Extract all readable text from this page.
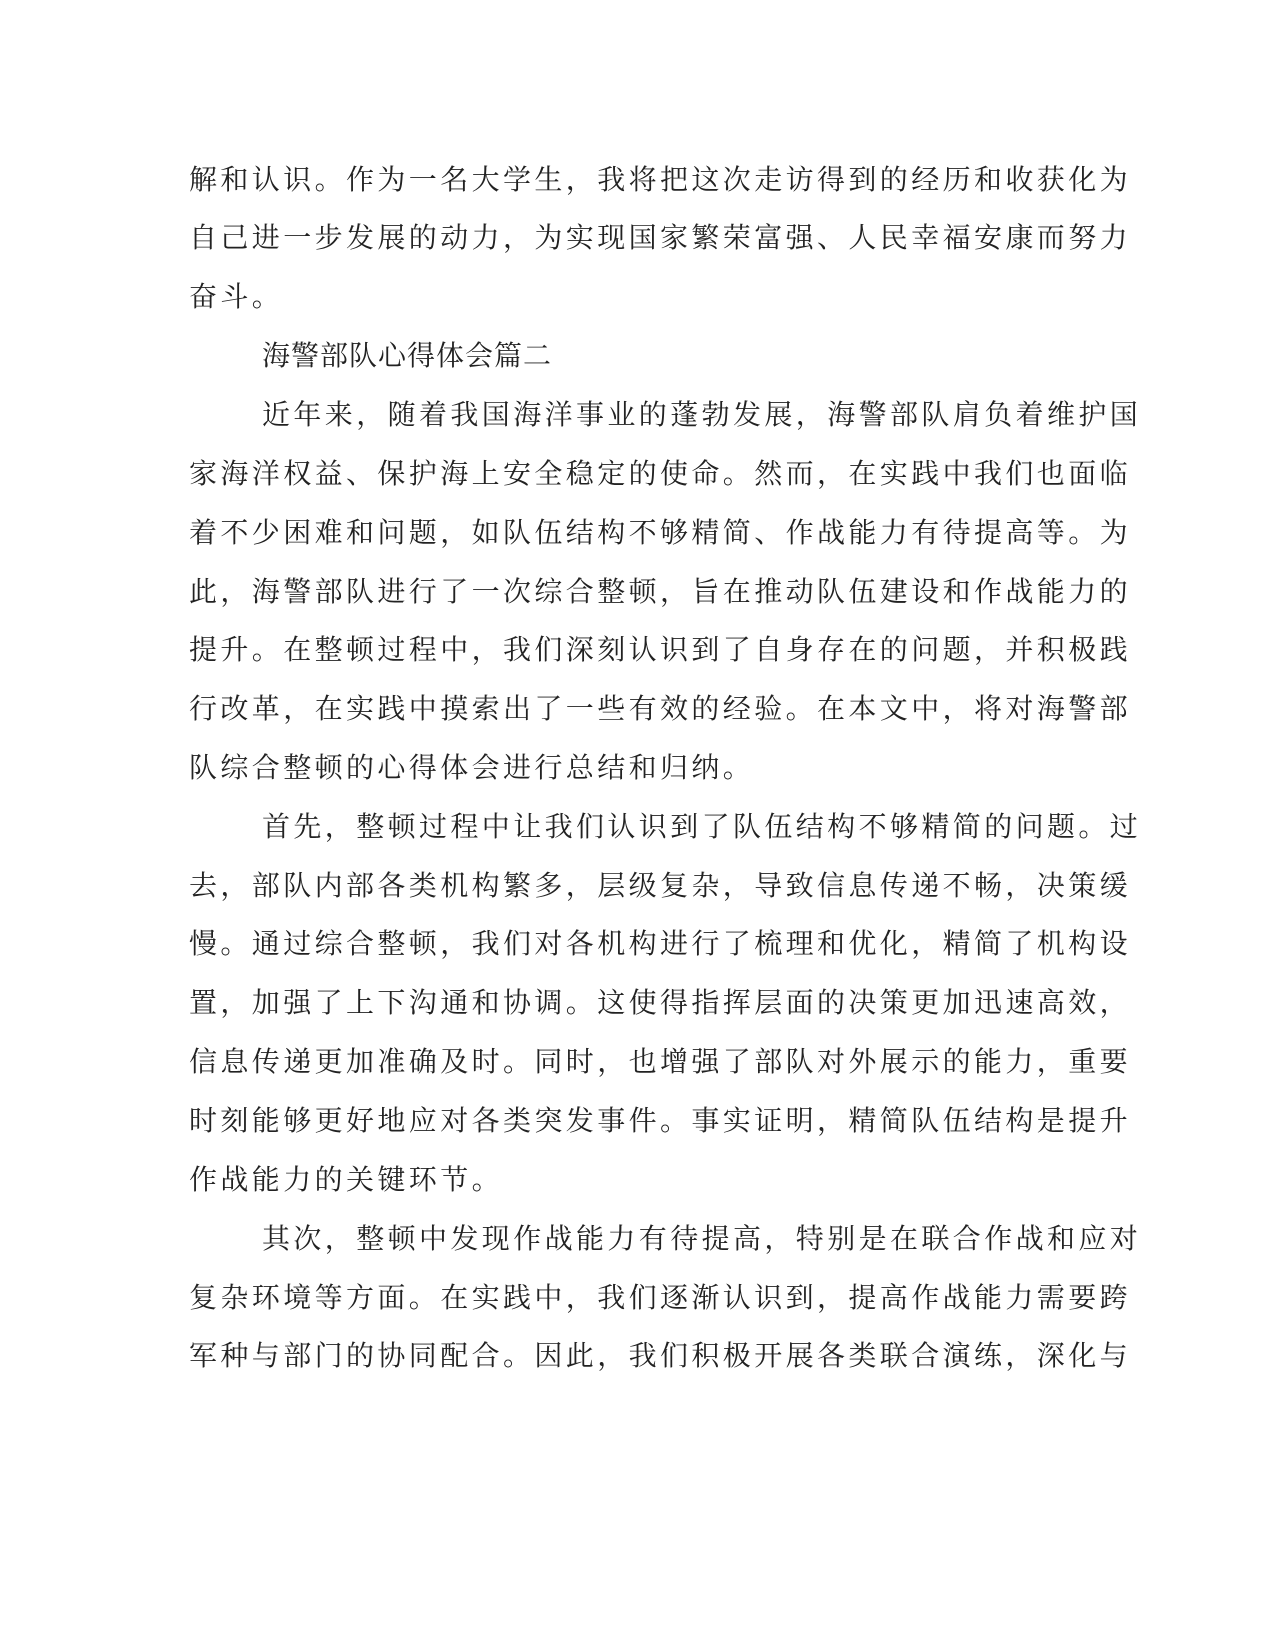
解和认识。作为一名大学生，我将把这次走访得到的经历和收获化为
自己进一步发展的动力，为实现国家繁荣富强、人民幸福安康而努力
奋斗。
海警部队心得体会篇二
近年来，随着我国海洋事业的蓬勃发展，海警部队肩负着维护国
家海洋权益、保护海上安全稳定的使命。然而，在实践中我们也面临
着不少困难和问题，如队伍结构不够精简、作战能力有待提高等。为
此，海警部队进行了一次综合整顿，旨在推动队伍建设和作战能力的
提升。在整顿过程中，我们深刻认识到了自身存在的问题，并积极践
行改革，在实践中摸索出了一些有效的经验。在本文中，将对海警部
队综合整顿的心得体会进行总结和归纳。
首先，整顿过程中让我们认识到了队伍结构不够精简的问题。过
去，部队内部各类机构繁多，层级复杂，导致信息传递不畅，决策缓
慢。通过综合整顿，我们对各机构进行了梳理和优化，精简了机构设
置，加强了上下沟通和协调。这使得指挥层面的决策更加迅速高效，
信息传递更加准确及时。同时，也增强了部队对外展示的能力，重要
时刻能够更好地应对各类突发事件。事实证明，精简队伍结构是提升
作战能力的关键环节。
其次，整顿中发现作战能力有待提高，特别是在联合作战和应对
复杂环境等方面。在实践中，我们逐渐认识到，提高作战能力需要跨
军种与部门的协同配合。因此，我们积极开展各类联合演练，深化与
